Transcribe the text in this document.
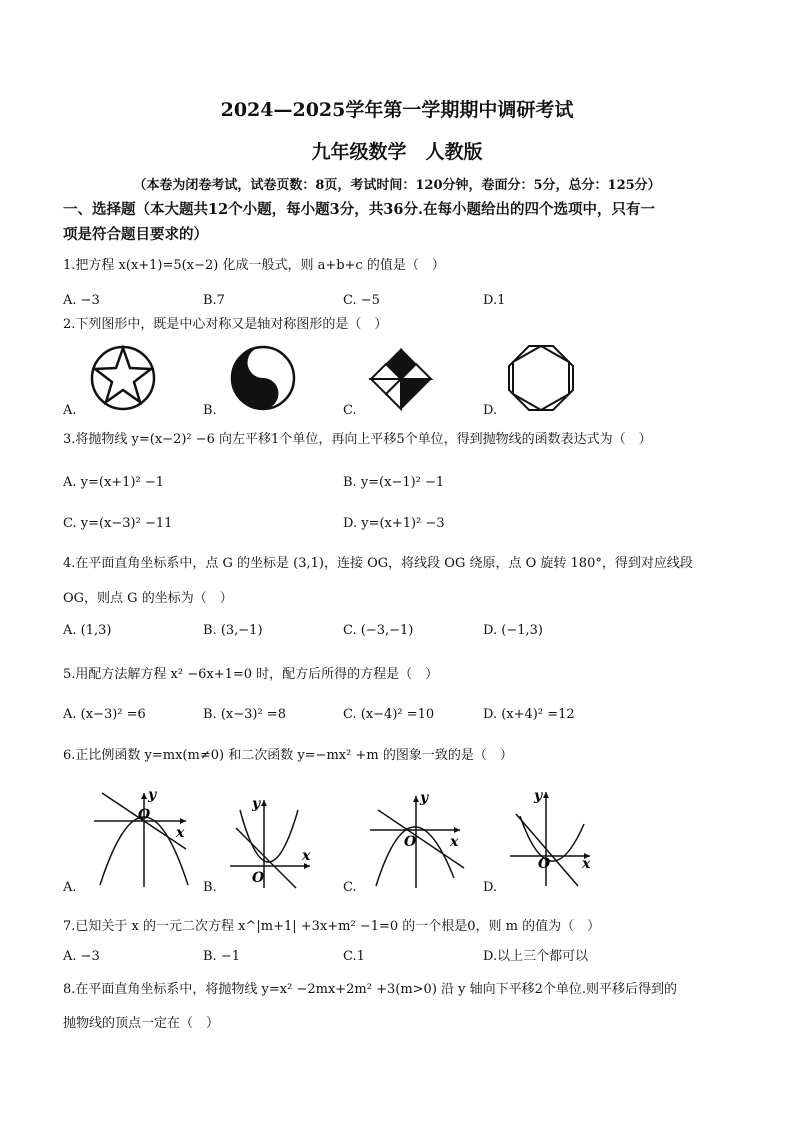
2024—2025学年第一学期期中调研考试
九年级数学　人教版
（本卷为闭卷考试，试卷页数：8页，考试时间：120分钟，卷面分：5分，总分：125分）
一、选择题（本大题共12个小题，每小题3分，共36分.在每小题给出的四个选项中，只有一
项是符合题目要求的）
1.把方程 x(x+1)=5(x−2) 化成一般式，则 a+b+c 的值是（　）
A. −3	B.7	C. −5	D.1
2.下列图形中，既是中心对称又是轴对称图形的是（　）
A.	B.	C.	D.
3.将抛物线 y=(x−2)² −6 向左平移1个单位，再向上平移5个单位，得到抛物线的函数表达式为（　）
A. y=(x+1)² −1	B. y=(x−1)² −1
C. y=(x−3)² −11	D. y=(x+1)² −3
4.在平面直角坐标系中，点 G 的坐标是 (3,1)，连接 OG，将线段 OG 绕原，点 O 旋转 180°，得到对应线段
OG，则点 G 的坐标为（　）
A. (1,3)	B. (3,−1)	C. (−3,−1)	D. (−1,3)
5.用配方法解方程 x² −6x+1=0 时，配方后所得的方程是（　）
A. (x−3)² =6	B. (x−3)² =8	C. (x−4)² =10	D. (x+4)² =12
6.正比例函数 y=mx(m≠0) 和二次函数 y=−mx² +m 的图象一致的是（　）
y
x
O
y
x
O
y
x
O
y
x
O
A.	B.	C.	D.
7.已知关于 x 的一元二次方程 x^|m+1| +3x+m² −1=0 的一个根是0，则 m 的值为（　）
A. −3	B. −1	C.1	D.以上三个都可以
8.在平面直角坐标系中，将抛物线 y=x² −2mx+2m² +3(m>0) 沿 y 轴向下平移2个单位.则平移后得到的
抛物线的顶点一定在（　）
